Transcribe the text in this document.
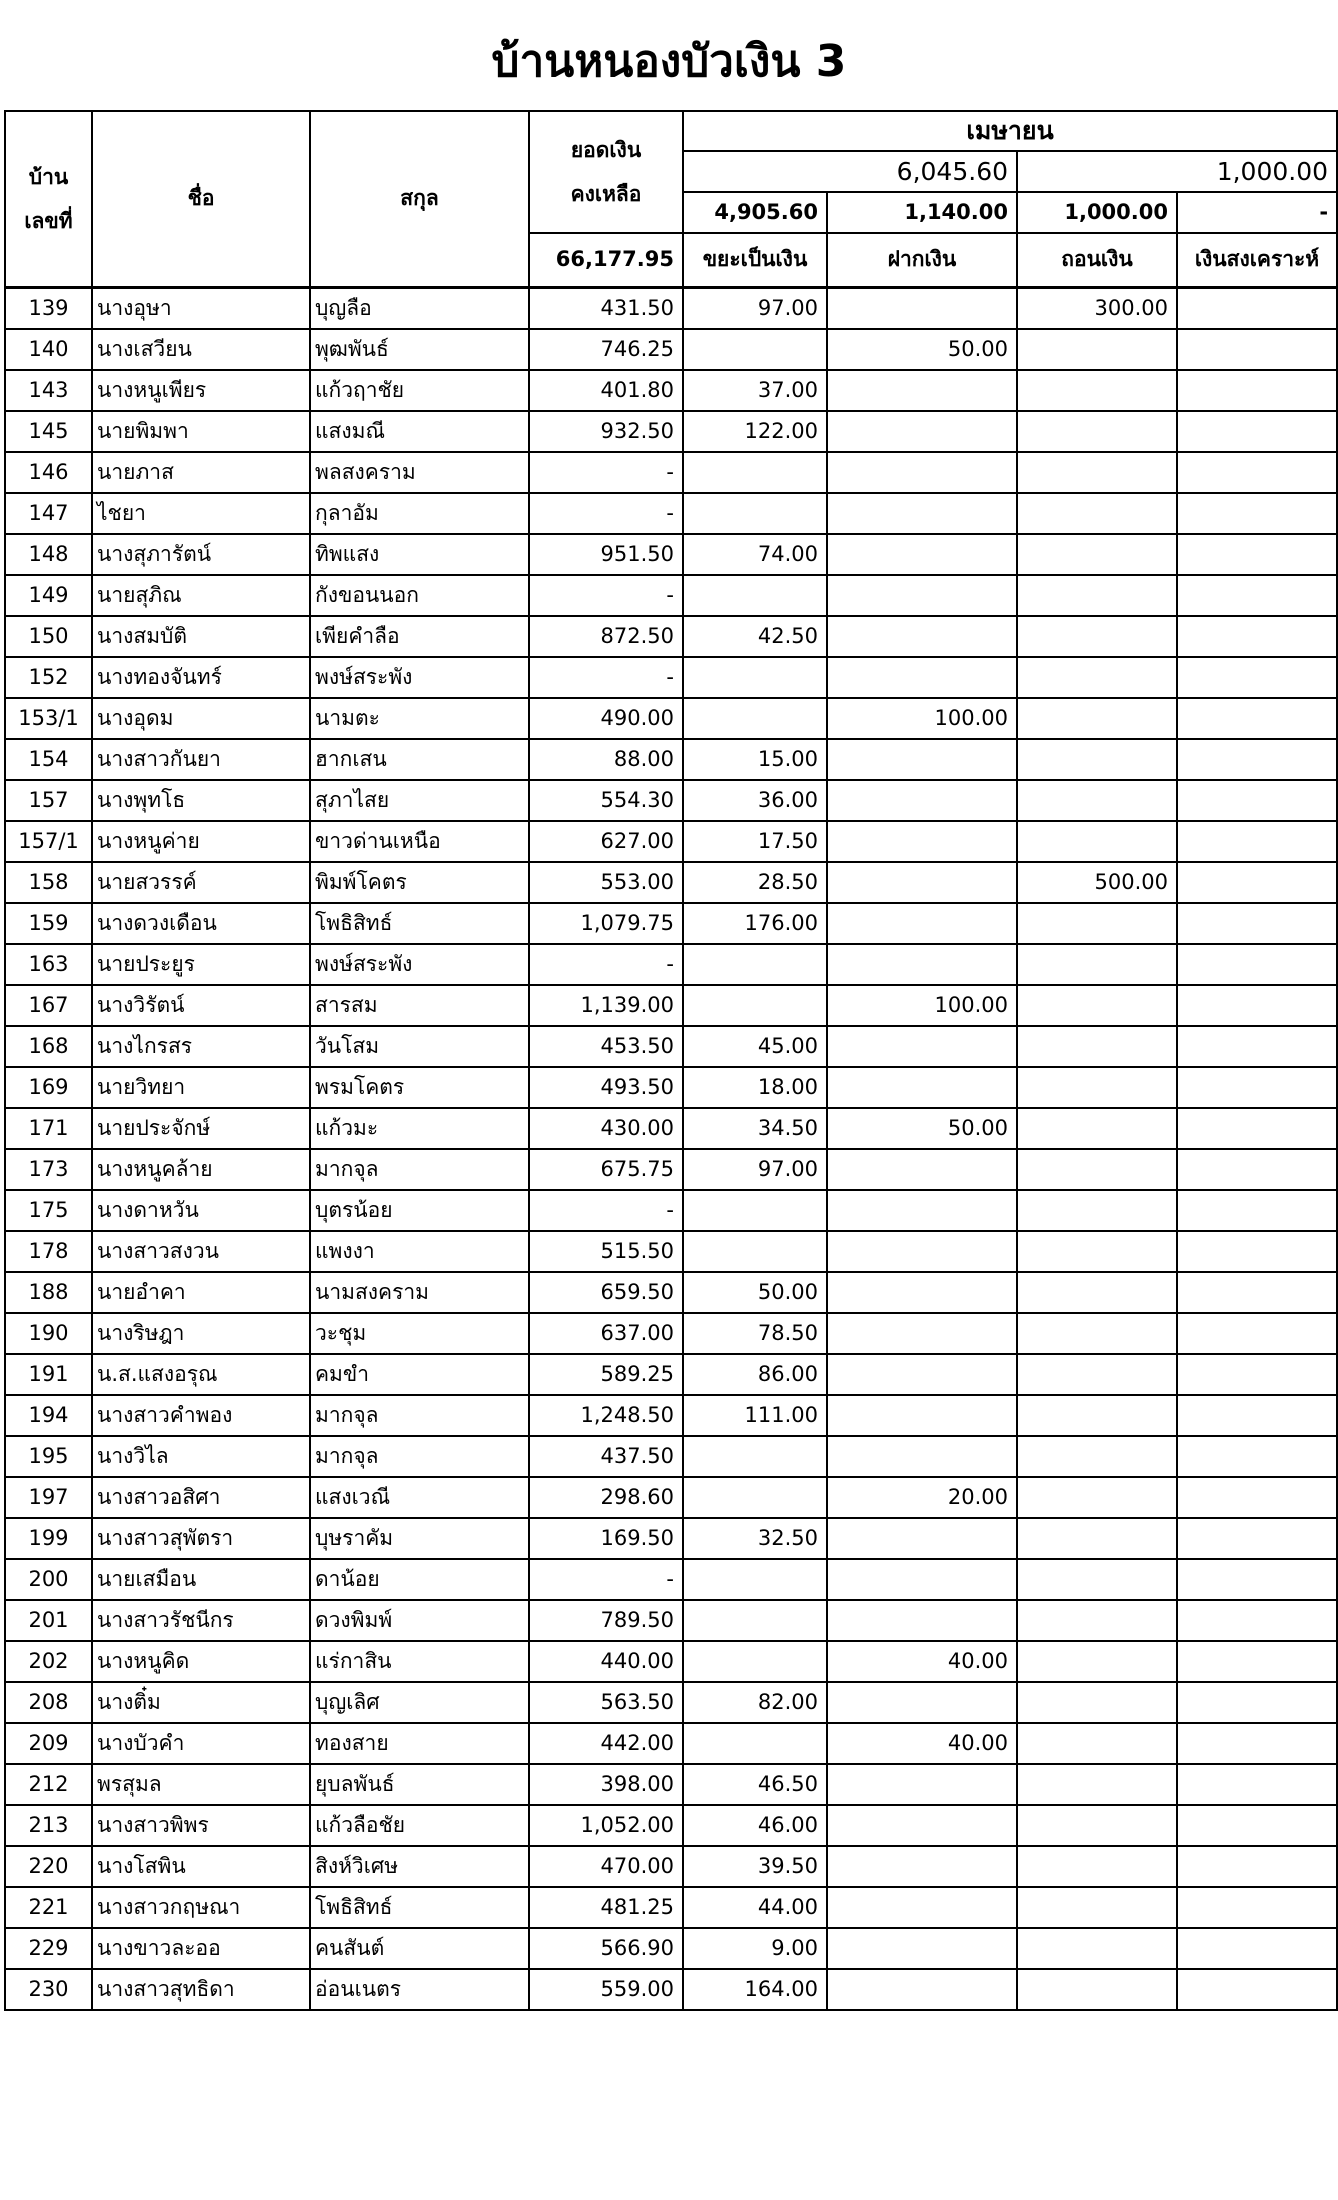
บ้านหนองบัวเงิน 3
บ้าน
เลขที่	ชื่อ	สกุล	ยอดเงิน
คงเหลือ	เมษายน			
				6,045.60		1,000.00	
				4,905.60	1,140.00	1,000.00	-
			66,177.95	ขยะเป็นเงิน	ฝากเงิน	ถอนเงิน	เงินสงเคราะห์
139	นางอุษา	บุญลือ	431.50	97.00		300.00	
140	นางเสวียน	พุฒพันธ์	746.25		50.00		
143	นางหนูเพียร	แก้วฤาชัย	401.80	37.00			
145	นายพิมพา	แสงมณี	932.50	122.00			
146	นายภาส	พลสงคราม	-				
147	ไชยา	กุลาอัม	-				
148	นางสุภารัตน์	ทิพแสง	951.50	74.00			
149	นายสุภิณ	กังขอนนอก	-				
150	นางสมบัติ	เพียคำลือ	872.50	42.50			
152	นางทองจันทร์	พงษ์สระพัง	-				
153/1	นางอุดม	นามตะ	490.00		100.00		
154	นางสาวกันยา	ฮากเสน	88.00	15.00			
157	นางพุทโธ	สุภาไสย	554.30	36.00			
157/1	นางหนูค่าย	ขาวด่านเหนือ	627.00	17.50			
158	นายสวรรค์	พิมพ์โคตร	553.00	28.50		500.00	
159	นางดวงเดือน	โพธิสิทธ์	1,079.75	176.00			
163	นายประยูร	พงษ์สระพัง	-				
167	นางวิรัตน์	สารสม	1,139.00		100.00		
168	นางไกรสร	วันโสม	453.50	45.00			
169	นายวิทยา	พรมโคตร	493.50	18.00			
171	นายประจักษ์	แก้วมะ	430.00	34.50	50.00		
173	นางหนูคล้าย	มากจุล	675.75	97.00			
175	นางดาหวัน	บุตรน้อย	-				
178	นางสาวสงวน	แพงงา	515.50				
188	นายอำคา	นามสงคราม	659.50	50.00			
190	นางริษฎา	วะชุม	637.00	78.50			
191	น.ส.แสงอรุณ	คมขำ	589.25	86.00			
194	นางสาวคำพอง	มากจุล	1,248.50	111.00			
195	นางวิไล	มากจุล	437.50				
197	นางสาวอสิศา	แสงเวณี	298.60		20.00		
199	นางสาวสุพัตรา	บุษราคัม	169.50	32.50			
200	นายเสมือน	ดาน้อย	-				
201	นางสาวรัชนีกร	ดวงพิมพ์	789.50				
202	นางหนูคิด	แร่กาสิน	440.00		40.00		
208	นางติ๋ม	บุญเลิศ	563.50	82.00			
209	นางบัวคำ	ทองสาย	442.00		40.00		
212	พรสุมล	ยุบลพันธ์	398.00	46.50			
213	นางสาวพิพร	แก้วลือชัย	1,052.00	46.00			
220	นางโสพิน	สิงห์วิเศษ	470.00	39.50			
221	นางสาวกฤษณา	โพธิสิทธ์	481.25	44.00			
229	นางขาวละออ	คนสันต์	566.90	9.00			
230	นางสาวสุทธิดา	อ่อนเนตร	559.00	164.00			
